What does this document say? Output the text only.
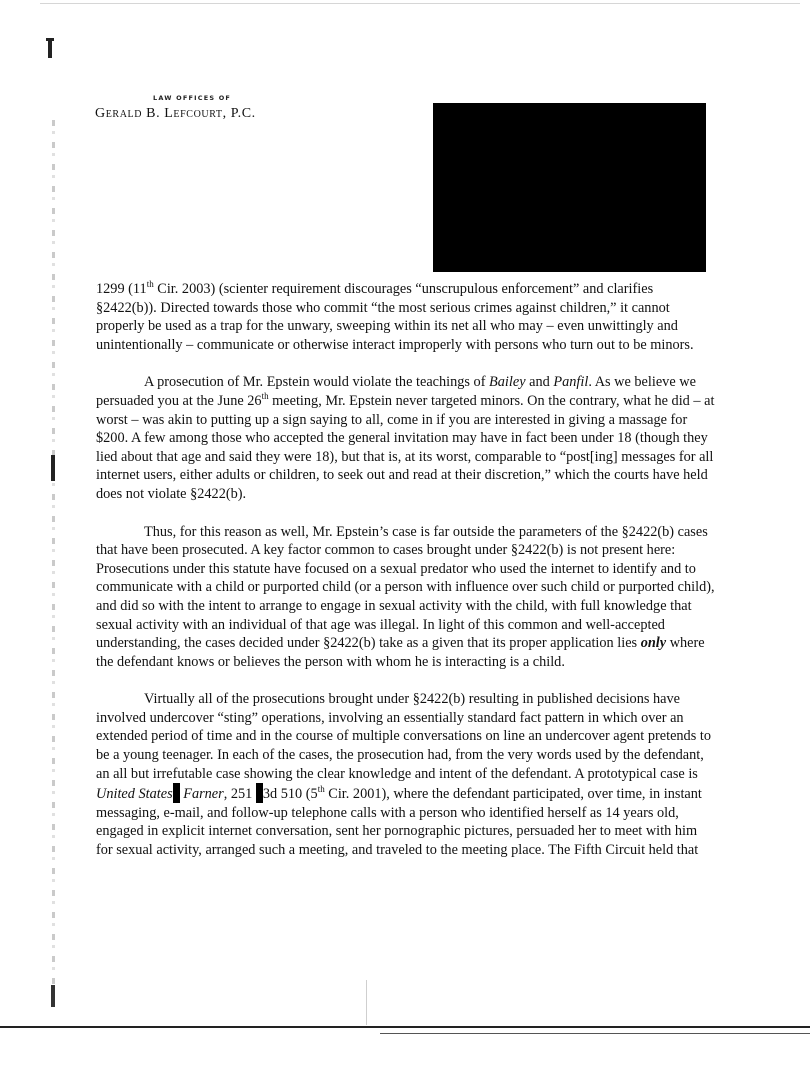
LAW OFFICES OF
Gerald B. Lefcourt, P.C.

1299 (11th Cir. 2003) (scienter requirement discourages “unscrupulous enforcement” and clarifies §2422(b)). Directed towards those who commit “the most serious crimes against children,” it cannot properly be used as a trap for the unwary, sweeping within its net all who may – even unwittingly and unintentionally – communicate or otherwise interact improperly with persons who turn out to be minors.

A prosecution of Mr. Epstein would violate the teachings of Bailey and Panfil. As we believe we persuaded you at the June 26th meeting, Mr. Epstein never targeted minors. On the contrary, what he did – at worst – was akin to putting up a sign saying to all, come in if you are interested in giving a massage for $200. A few among those who accepted the general invitation may have in fact been under 18 (though they lied about that age and said they were 18), but that is, at its worst, comparable to “post[ing] messages for all internet users, either adults or children, to seek out and read at their discretion,” which the courts have held does not violate §2422(b).

Thus, for this reason as well, Mr. Epstein’s case is far outside the parameters of the §2422(b) cases that have been prosecuted. A key factor common to cases brought under §2422(b) is not present here: Prosecutions under this statute have focused on a sexual predator who used the internet to identify and to communicate with a child or purported child (or a person with influence over such child or purported child), and did so with the intent to arrange to engage in sexual activity with the child, with full knowledge that sexual activity with an individual of that age was illegal. In light of this common and well-accepted understanding, the cases decided under §2422(b) take as a given that its proper application lies only where the defendant knows or believes the person with whom he is interacting is a child.

Virtually all of the prosecutions brought under §2422(b) resulting in published decisions have involved undercover “sting” operations, involving an essentially standard fact pattern in which over an extended period of time and in the course of multiple conversations on line an undercover agent pretends to be a young teenager. In each of the cases, the prosecution had, from the very words used by the defendant, an all but irrefutable case showing the clear knowledge and intent of the defendant. A prototypical case is United States Farner, 251 3d 510 (5th Cir. 2001), where the defendant participated, over time, in instant messaging, e-mail, and follow-up telephone calls with a person who identified herself as 14 years old, engaged in explicit internet conversation, sent her pornographic pictures, persuaded her to meet with him for sexual activity, arranged such a meeting, and traveled to the meeting place. The Fifth Circuit held that
